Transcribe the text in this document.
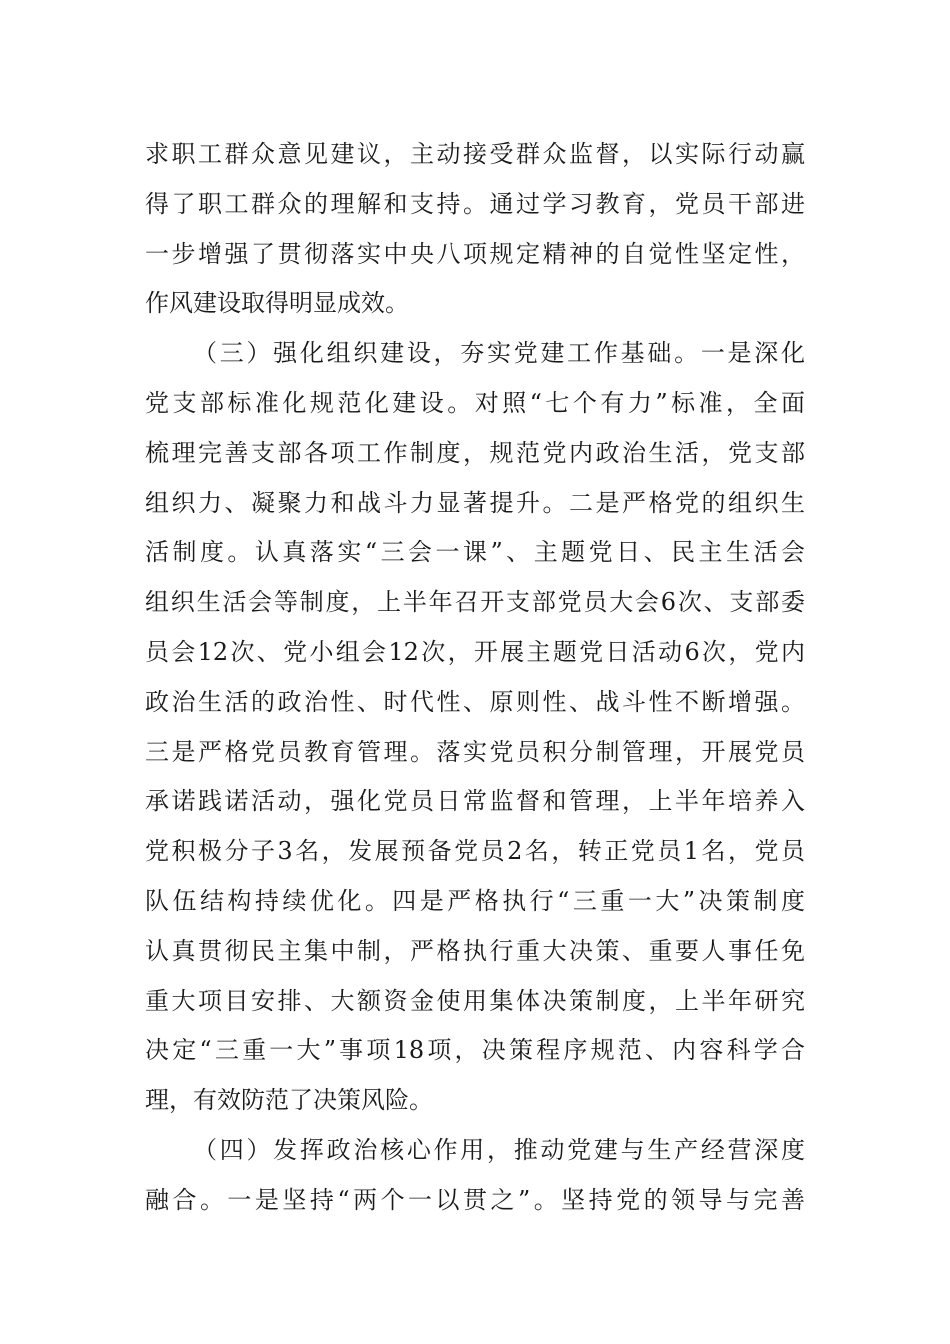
求职工群众意见建议，主动接受群众监督，以实际行动赢
得了职工群众的理解和支持。通过学习教育，党员干部进
一步增强了贯彻落实中央八项规定精神的自觉性坚定性，
作风建设取得明显成效。
（三）强化组织建设，夯实党建工作基础。一是深化
党支部标准化规范化建设。对照“七个有力”标准，全面
梳理完善支部各项工作制度，规范党内政治生活，党支部
组织力、凝聚力和战斗力显著提升。二是严格党的组织生
活制度。认真落实“三会一课”、主题党日、民主生活会
组织生活会等制度，上半年召开支部党员大会6次、支部委
员会12次、党小组会12次，开展主题党日活动6次，党内
政治生活的政治性、时代性、原则性、战斗性不断增强。
三是严格党员教育管理。落实党员积分制管理，开展党员
承诺践诺活动，强化党员日常监督和管理，上半年培养入
党积极分子3名，发展预备党员2名，转正党员1名，党员
队伍结构持续优化。四是严格执行“三重一大”决策制度
认真贯彻民主集中制，严格执行重大决策、重要人事任免
重大项目安排、大额资金使用集体决策制度，上半年研究
决定“三重一大”事项18项，决策程序规范、内容科学合
理，有效防范了决策风险。
（四）发挥政治核心作用，推动党建与生产经营深度
融合。一是坚持“两个一以贯之”。坚持党的领导与完善
